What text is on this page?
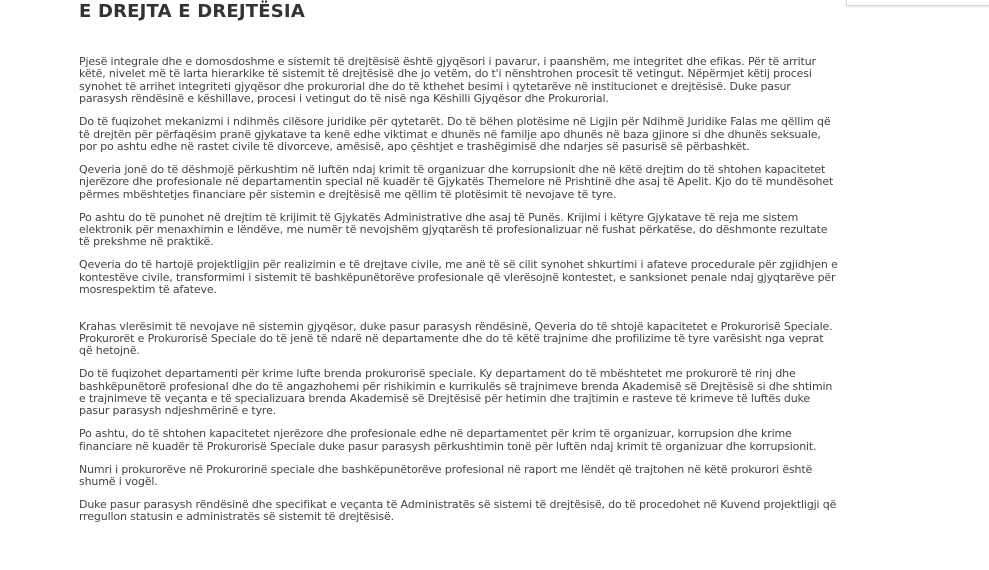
E DREJTA E DREJTËSIA

Pjesë integrale dhe e domosdoshme e sistemit të drejtësisë është gjyqësori i pavarur, i paanshëm, me integritet dhe efikas. Për të arritur këtë, nivelet më të larta hierarkike të sistemit të drejtësisë dhe jo vetëm, do t'i nënshtrohen procesit të vetingut. Nëpërmjet këtij procesi synohet të arrihet integriteti gjyqësor dhe prokurorial dhe do të kthehet besimi i qytetarëve në institucionet e drejtësisë. Duke pasur parasysh rëndësinë e këshillave, procesi i vetingut do të nisë nga Këshilli Gjyqësor dhe Prokurorial.

Do të fuqizohet mekanizmi i ndihmës cilësore juridike për qytetarët. Do të bëhen plotësime në Ligjin për Ndihmë Juridike Falas me qëllim që të drejtën për përfaqësim pranë gjykatave ta kenë edhe viktimat e dhunës në familje apo dhunës në baza gjinore si dhe dhunës seksuale, por po ashtu edhe në rastet civile të divorceve, amësisë, apo çështjet e trashëgimisë dhe ndarjes së pasurisë së përbashkët.

Qeveria jonë do të dëshmojë përkushtim në luftën ndaj krimit të organizuar dhe korrupsionit dhe në këtë drejtim do të shtohen kapacitetet njerëzore dhe profesionale në departamentin special në kuadër të Gjykatës Themelore në Prishtinë dhe asaj të Apelit. Kjo do të mundësohet përmes mbështetjes financiare për sistemin e drejtësisë me qëllim të plotësimit të nevojave të tyre.

Po ashtu do të punohet në drejtim të krijimit të Gjykatës Administrative dhe asaj të Punës. Krijimi i këtyre Gjykatave të reja me sistem elektronik për menaxhimin e lëndëve, me numër të nevojshëm gjyqtarësh të profesionalizuar në fushat përkatëse, do dëshmonte rezultate të prekshme në praktikë.

Qeveria do të hartojë projektligjin për realizimin e të drejtave civile, me anë të së cilit synohet shkurtimi i afateve procedurale për zgjidhjen e kontestëve civile, transformimi i sistemit të bashkëpunëtorëve profesionale që vlerësojnë kontestet, e sanksionet penale ndaj gjyqtarëve për mosrespektim të afateve.

Krahas vlerësimit të nevojave në sistemin gjyqësor, duke pasur parasysh rëndësinë, Qeveria do të shtojë kapacitetet e Prokurorisë Speciale. Prokurorët e Prokurorisë Speciale do të jenë të ndarë në departamente dhe do të këtë trajnime dhe profilizime të tyre varësisht nga veprat që hetojnë.

Do të fuqizohet departamenti për krime lufte brenda prokurorisë speciale. Ky departament do të mbështetet me prokurorë të rinj dhe bashkëpunëtorë profesional dhe do të angazhohemi për rishikimin e kurrikulës së trajnimeve brenda Akademisë së Drejtësisë si dhe shtimin e trajnimeve të veçanta e të specializuara brenda Akademisë së Drejtësisë për hetimin dhe trajtimin e rasteve të krimeve të luftës duke pasur parasysh ndjeshmërinë e tyre.

Po ashtu, do të shtohen kapacitetet njerëzore dhe profesionale edhe në departamentet për krim të organizuar, korrupsion dhe krime financiare në kuadër të Prokurorisë Speciale duke pasur parasysh përkushtimin tonë për luftën ndaj krimit të organizuar dhe korrupsionit.

Numri i prokurorëve në Prokurorinë speciale dhe bashkëpunëtorëve profesional në raport me lëndët që trajtohen në këtë prokurori është shumë i vogël.

Duke pasur parasysh rëndësinë dhe specifikat e veçanta të Administratës së sistemi të drejtësisë, do të procedohet në Kuvend projektligji që rregullon statusin e administratës së sistemit të drejtësisë.
